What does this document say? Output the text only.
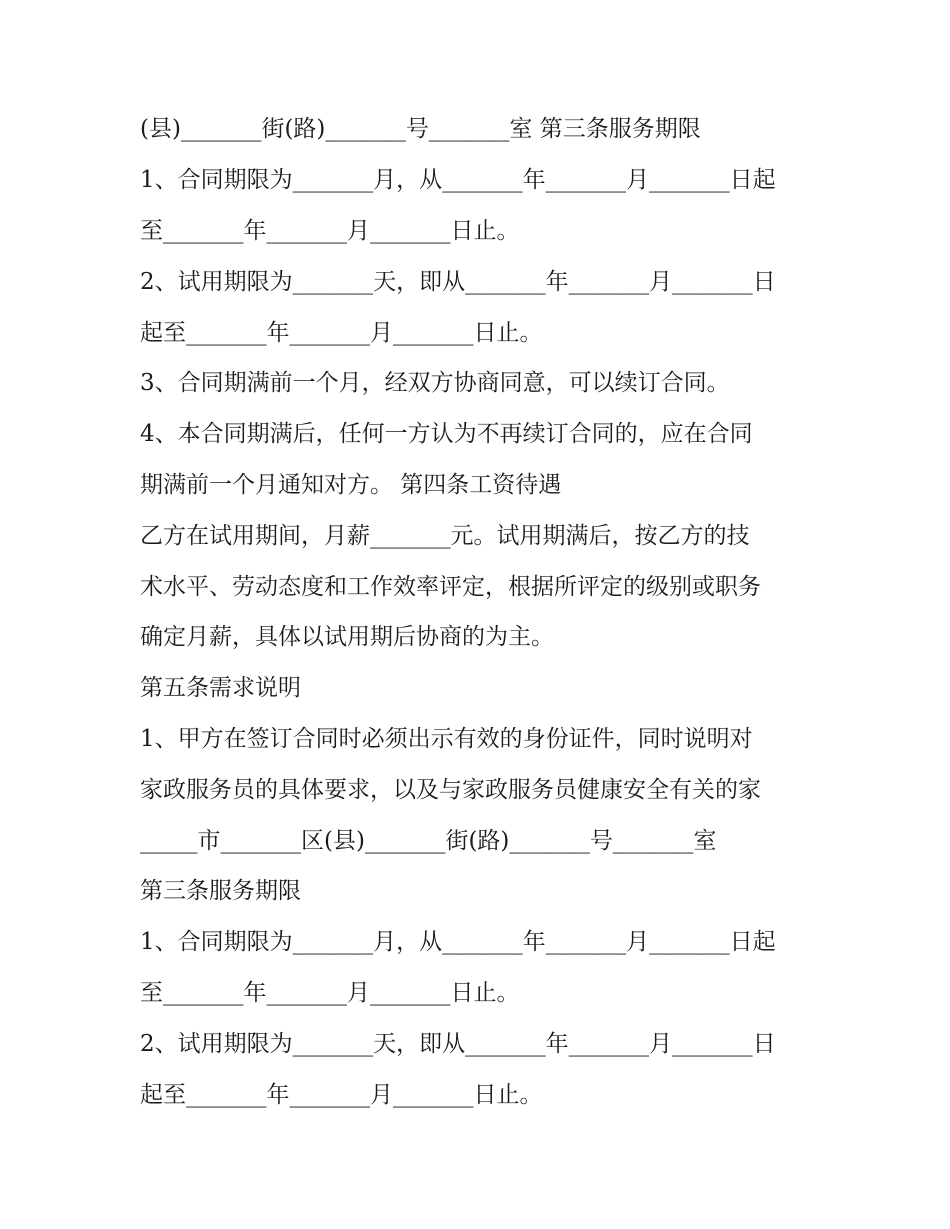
(县)_______街(路)_______号_______室 第三条服务期限
1、合同期限为_______月，从_______年_______月_______日起
至_______年_______月_______日止。
2、试用期限为_______天，即从_______年_______月_______日
起至_______年_______月_______日止。
3、合同期满前一个月，经双方协商同意，可以续订合同。
4、本合同期满后，任何一方认为不再续订合同的，应在合同
期满前一个月通知对方。 第四条工资待遇
乙方在试用期间，月薪_______元。试用期满后，按乙方的技
术水平、劳动态度和工作效率评定，根据所评定的级别或职务
确定月薪，具体以试用期后协商的为主。
第五条需求说明
1、甲方在签订合同时必须出示有效的身份证件，同时说明对
家政服务员的具体要求，以及与家政服务员健康安全有关的家
_____市_______区(县)_______街(路)_______号_______室
第三条服务期限
1、合同期限为_______月，从_______年_______月_______日起
至_______年_______月_______日止。
2、试用期限为_______天，即从_______年_______月_______日
起至_______年_______月_______日止。
